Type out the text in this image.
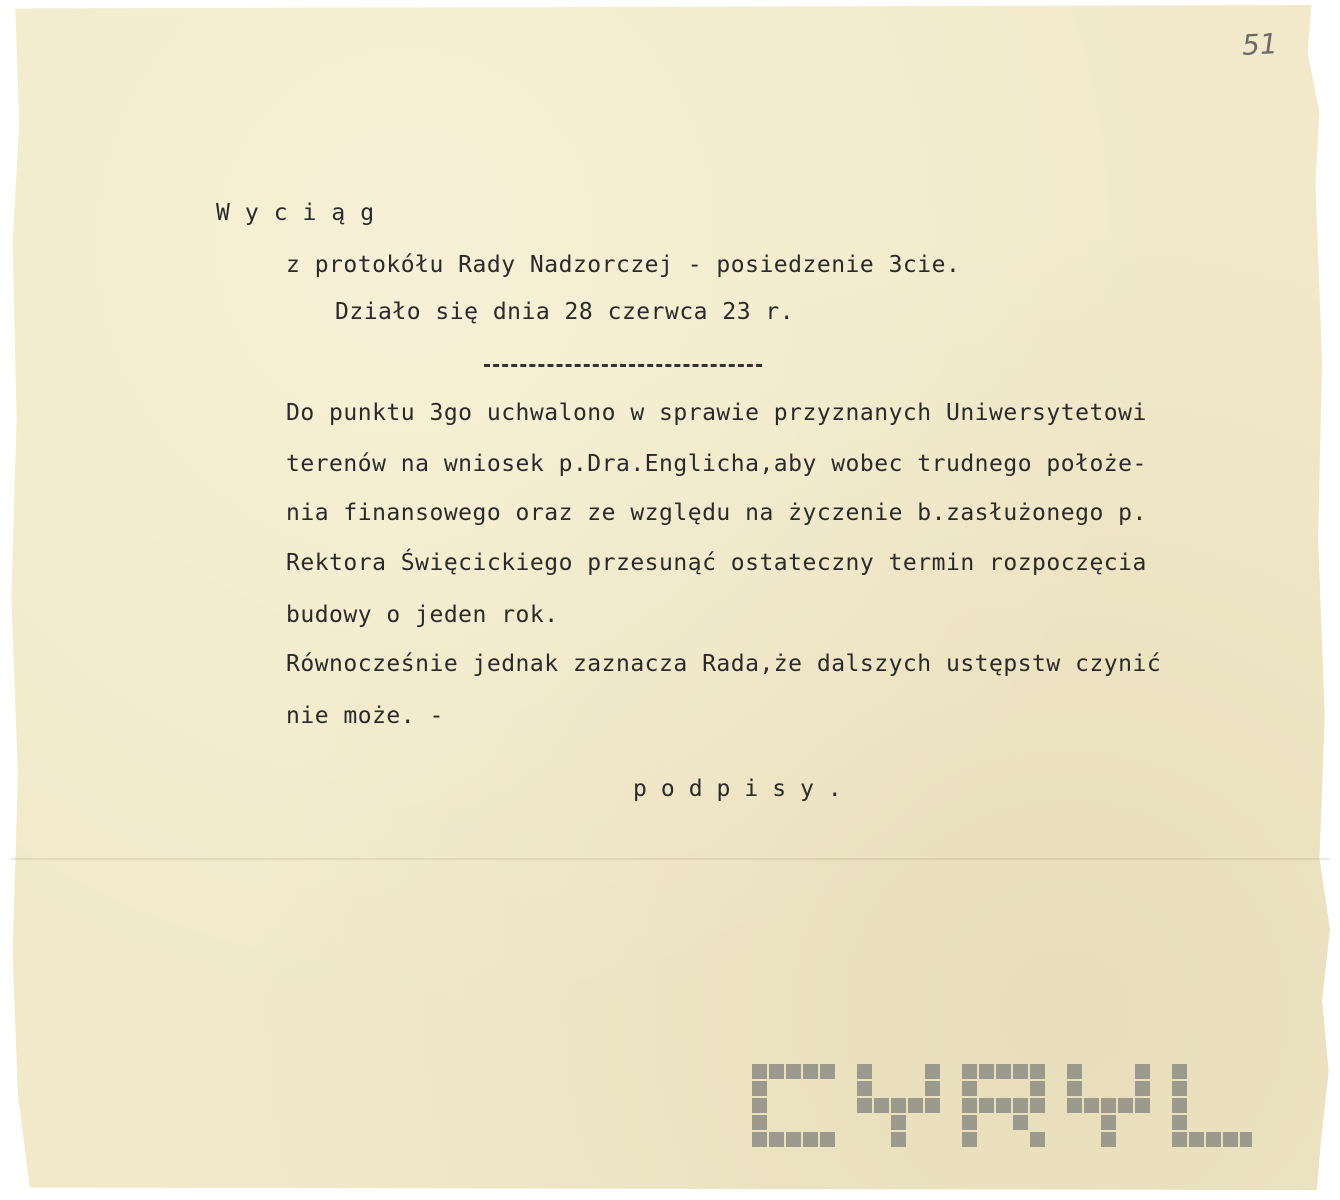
51
Wyciąg
z protokółu Rady Nadzorczej - posiedzenie 3cie.
Działo się dnia 28 czerwca 23 r.
Do punktu 3go uchwalono w sprawie przyznanych Uniwersytetowi
terenów na wniosek p.Dra.Englicha,aby wobec trudnego położe-
nia finansowego oraz ze względu na życzenie b.zasłużonego p.
Rektora Święcickiego przesunąć ostateczny termin rozpoczęcia
budowy o jeden rok.
Równocześnie jednak zaznacza Rada,że dalszych ustępstw czynić
nie może. -
podpisy.
